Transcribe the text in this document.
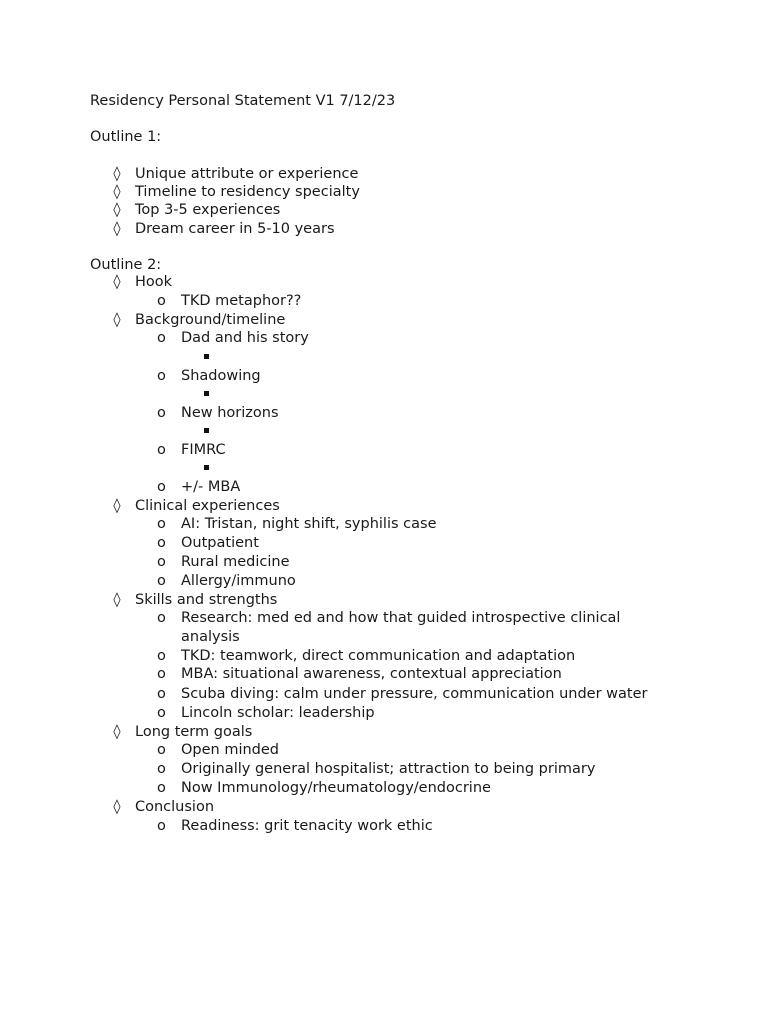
Residency Personal Statement V1 7/12/23
Outline 1:
◊ Unique attribute or experience
◊ Timeline to residency specialty
◊ Top 3-5 experiences
◊ Dream career in 5-10 years
Outline 2:
◊ Hook
o TKD metaphor??
◊ Background/timeline
o Dad and his story
o Shadowing
o New horizons
o FIMRC
o +/- MBA
◊ Clinical experiences
o AI: Tristan, night shift, syphilis case
o Outpatient
o Rural medicine
o Allergy/immuno
◊ Skills and strengths
o Research: med ed and how that guided introspective clinical
analysis
o TKD: teamwork, direct communication and adaptation
o MBA: situational awareness, contextual appreciation
o Scuba diving: calm under pressure, communication under water
o Lincoln scholar: leadership
◊ Long term goals
o Open minded
o Originally general hospitalist; attraction to being primary
o Now Immunology/rheumatology/endocrine
◊ Conclusion
o Readiness: grit tenacity work ethic
